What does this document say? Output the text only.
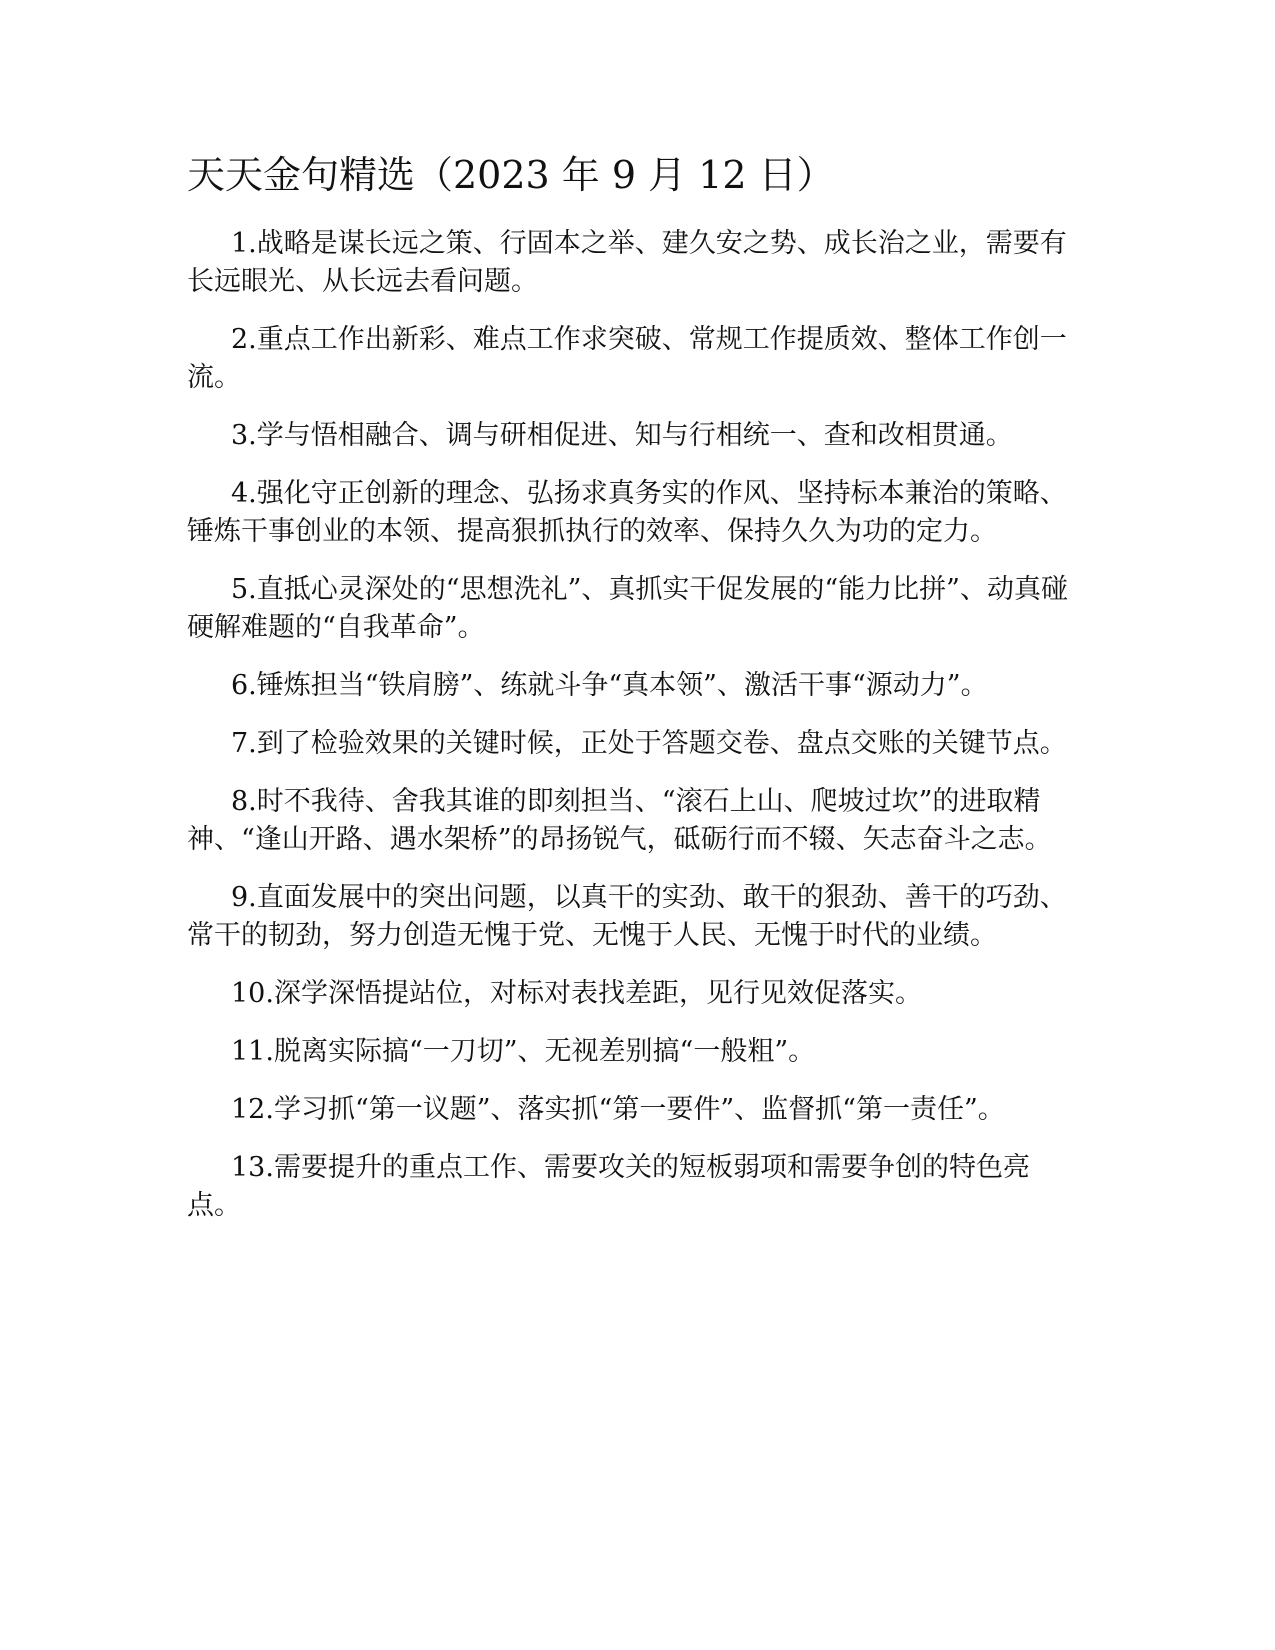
天天金句精选（2023 年 9 月 12 日）

1.战略是谋长远之策、行固本之举、建久安之势、成长治之业，需要有长远眼光、从长远去看问题。

2.重点工作出新彩、难点工作求突破、常规工作提质效、整体工作创一流。

3.学与悟相融合、调与研相促进、知与行相统一、查和改相贯通。

4.强化守正创新的理念、弘扬求真务实的作风、坚持标本兼治的策略、锤炼干事创业的本领、提高狠抓执行的效率、保持久久为功的定力。

5.直抵心灵深处的“思想洗礼”、真抓实干促发展的“能力比拼”、动真碰硬解难题的“自我革命”。

6.锤炼担当“铁肩膀”、练就斗争“真本领”、激活干事“源动力”。

7.到了检验效果的关键时候，正处于答题交卷、盘点交账的关键节点。

8.时不我待、舍我其谁的即刻担当、“滚石上山、爬坡过坎”的进取精神、“逢山开路、遇水架桥”的昂扬锐气，砥砺行而不辍、矢志奋斗之志。

9.直面发展中的突出问题，以真干的实劲、敢干的狠劲、善干的巧劲、常干的韧劲，努力创造无愧于党、无愧于人民、无愧于时代的业绩。

10.深学深悟提站位，对标对表找差距，见行见效促落实。

11.脱离实际搞“一刀切”、无视差别搞“一般粗”。

12.学习抓“第一议题”、落实抓“第一要件”、监督抓“第一责任”。

13.需要提升的重点工作、需要攻关的短板弱项和需要争创的特色亮点。
